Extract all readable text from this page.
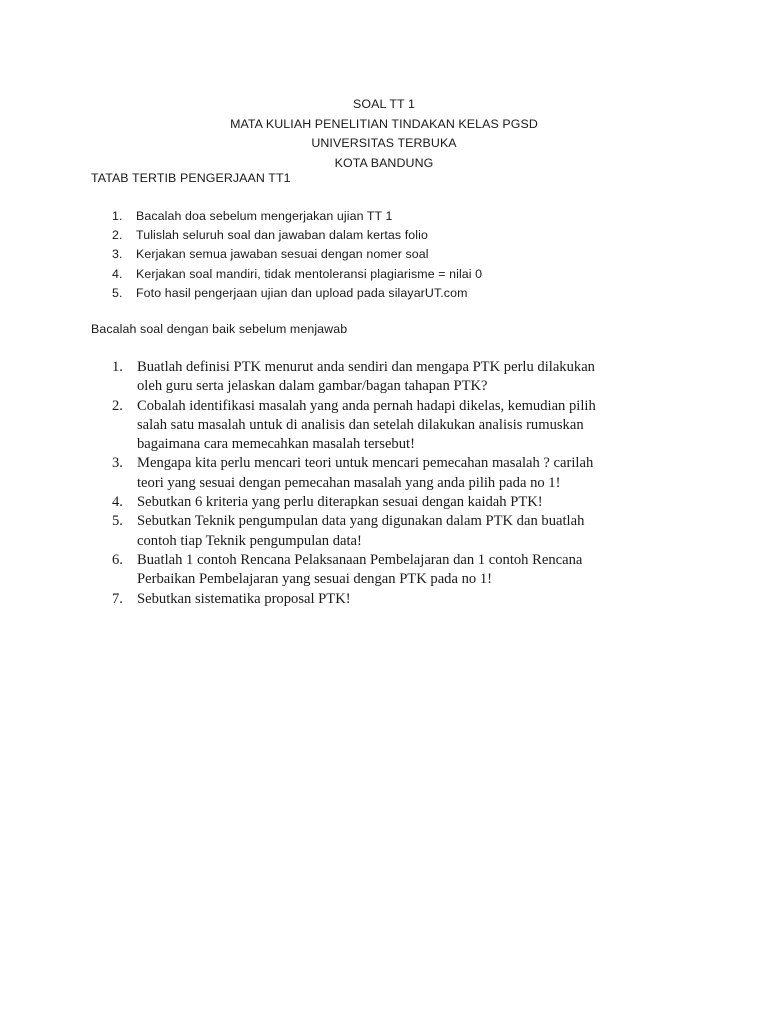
SOAL TT 1
MATA KULIAH PENELITIAN TINDAKAN KELAS PGSD
UNIVERSITAS TERBUKA
KOTA BANDUNG
TATAB TERTIB PENGERJAAN TT1
1. Bacalah doa sebelum mengerjakan ujian TT 1
2. Tulislah seluruh soal dan jawaban dalam kertas folio
3. Kerjakan semua jawaban sesuai dengan nomer soal
4. Kerjakan soal mandiri, tidak mentoleransi plagiarisme = nilai 0
5. Foto hasil pengerjaan ujian dan upload pada silayarUT.com
Bacalah soal dengan baik sebelum menjawab
1. Buatlah definisi PTK menurut anda sendiri dan mengapa PTK perlu dilakukan
oleh guru serta jelaskan dalam gambar/bagan tahapan PTK?
2. Cobalah identifikasi masalah yang anda pernah hadapi dikelas, kemudian pilih
salah satu masalah untuk di analisis dan setelah dilakukan analisis rumuskan
bagaimana cara memecahkan masalah tersebut!
3. Mengapa kita perlu mencari teori untuk mencari pemecahan masalah ? carilah
teori yang sesuai dengan pemecahan masalah yang anda pilih pada no 1!
4. Sebutkan 6 kriteria yang perlu diterapkan sesuai dengan kaidah PTK!
5. Sebutkan Teknik pengumpulan data yang digunakan dalam PTK dan buatlah
contoh tiap Teknik pengumpulan data!
6. Buatlah 1 contoh Rencana Pelaksanaan Pembelajaran dan 1 contoh Rencana
Perbaikan Pembelajaran yang sesuai dengan PTK pada no 1!
7. Sebutkan sistematika proposal PTK!
